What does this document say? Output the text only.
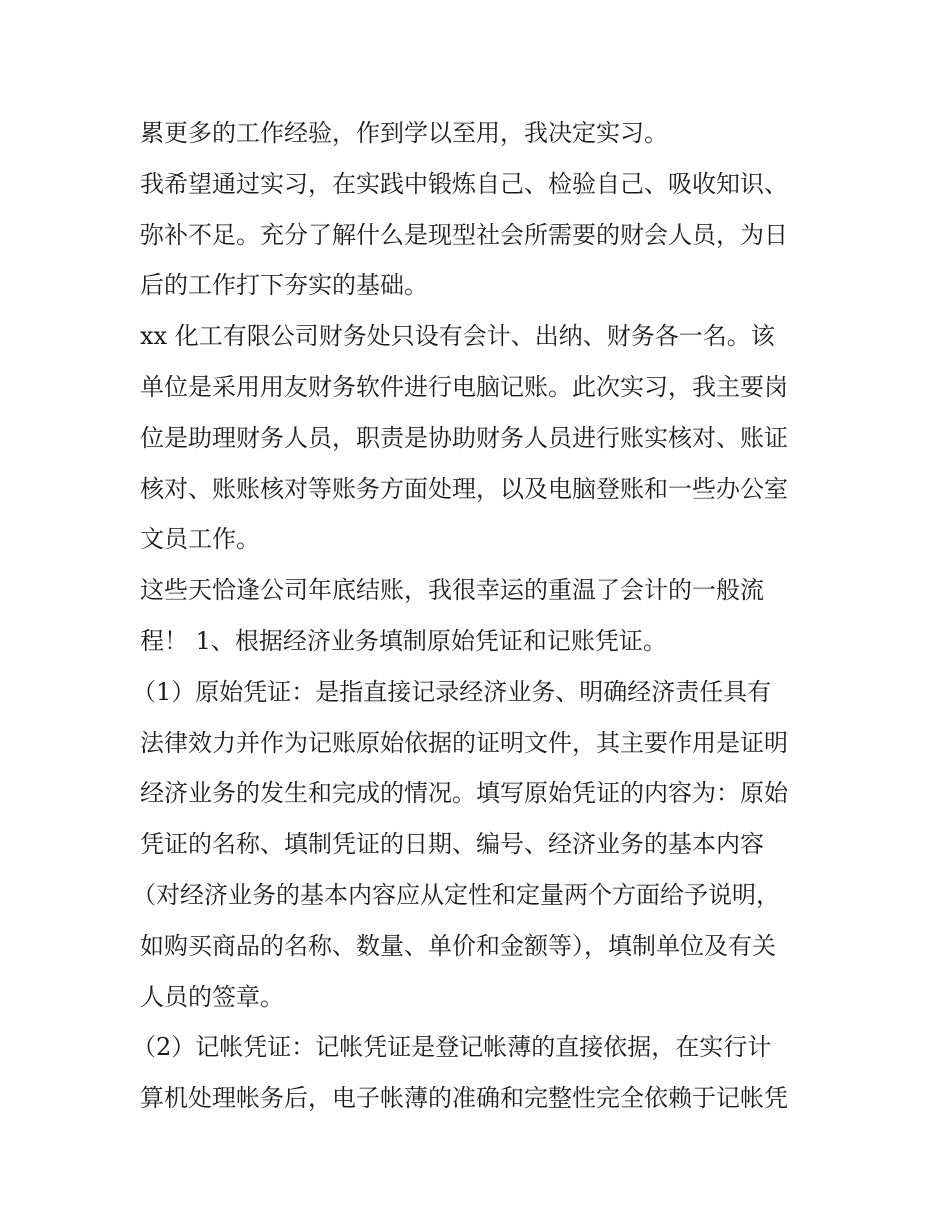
累更多的工作经验，作到学以至用，我决定实习。
我希望通过实习，在实践中锻炼自己、检验自己、吸收知识、
弥补不足。充分了解什么是现型社会所需要的财会人员，为日
后的工作打下夯实的基础。
xx 化工有限公司财务处只设有会计、出纳、财务各一名。该
单位是采用用友财务软件进行电脑记账。此次实习，我主要岗
位是助理财务人员，职责是协助财务人员进行账实核对、账证
核对、账账核对等账务方面处理，以及电脑登账和一些办公室
文员工作。
这些天恰逢公司年底结账，我很幸运的重温了会计的一般流
程！ 1、根据经济业务填制原始凭证和记账凭证。
（1）原始凭证：是指直接记录经济业务、明确经济责任具有
法律效力并作为记账原始依据的证明文件，其主要作用是证明
经济业务的发生和完成的情况。填写原始凭证的内容为：原始
凭证的名称、填制凭证的日期、编号、经济业务的基本内容
（对经济业务的基本内容应从定性和定量两个方面给予说明，
如购买商品的名称、数量、单价和金额等），填制单位及有关
人员的签章。
（2）记帐凭证：记帐凭证是登记帐薄的直接依据，在实行计
算机处理帐务后，电子帐薄的准确和完整性完全依赖于记帐凭
